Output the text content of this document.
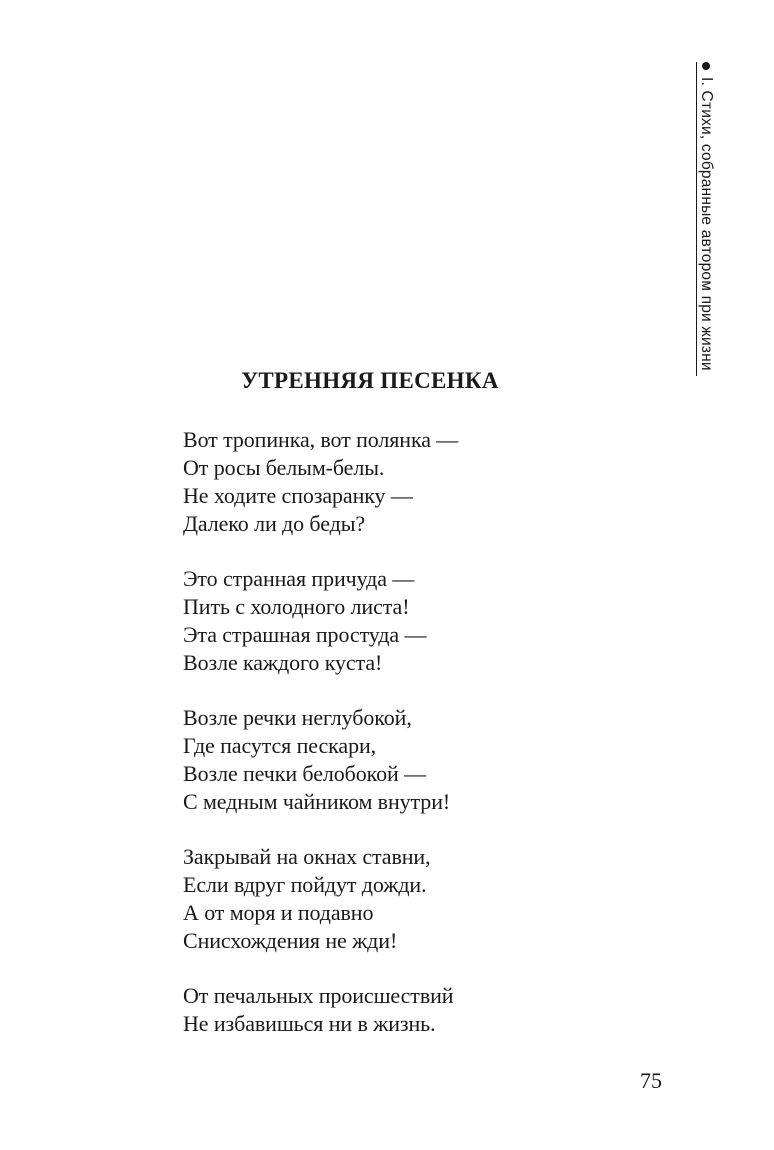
I. Стихи, собранные автором при жизни
УТРЕННЯЯ ПЕСЕНКА
Вот тропинка, вот полянка —
От росы белым-белы.
Не ходите спозаранку —
Далеко ли до беды?
Это странная причуда —
Пить с холодного листа!
Эта страшная простуда —
Возле каждого куста!
Возле речки неглубокой,
Где пасутся пескари,
Возле печки белобокой —
С медным чайником внутри!
Закрывай на окнах ставни,
Если вдруг пойдут дожди.
А от моря и подавно
Снисхождения не жди!
От печальных происшествий
Не избавишься ни в жизнь.
75
